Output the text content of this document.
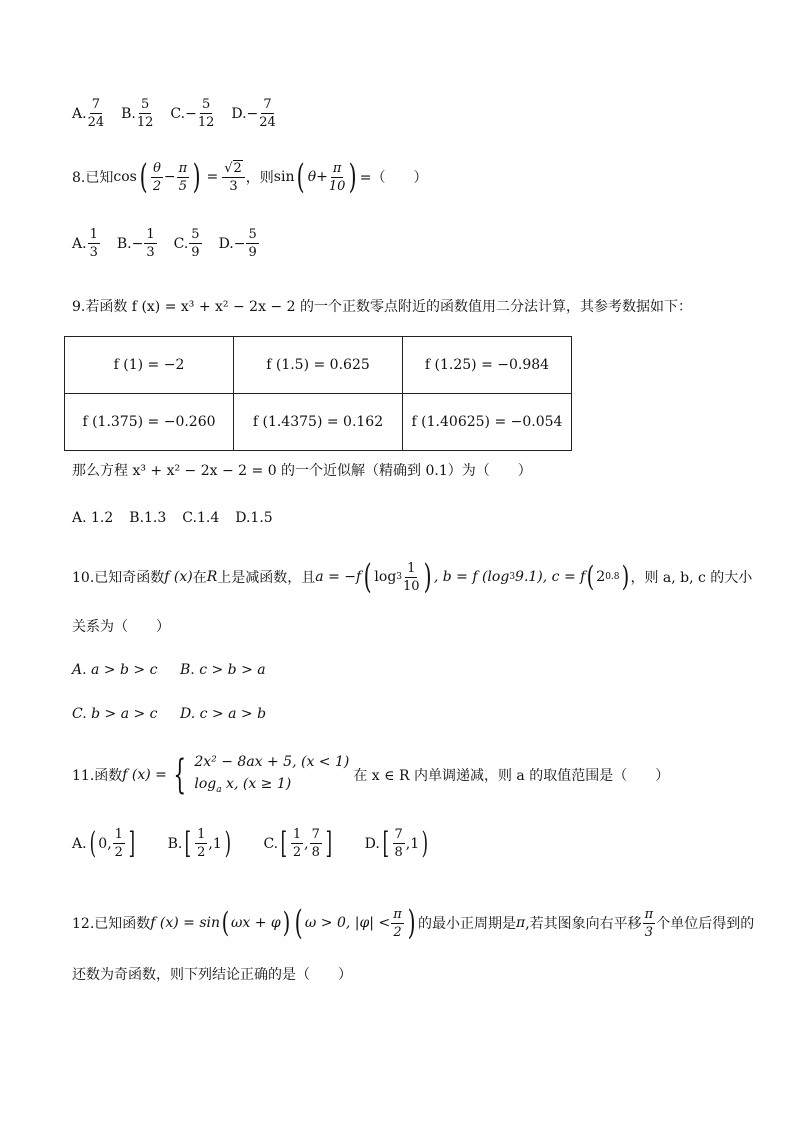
A. $\frac{7}{24} B$. $\frac{5}{12} C$. − $\frac{5}{12} D$. − $\frac{7}{24}$
8.已知 cos ( $\frac{\theta}{2} - \frac{\pi}{5}$ ) = $\frac{√2}{3}$ ，则 sin ( $\theta + \frac{\pi}{10}$ ) =（　　）
A. $\frac{1}{3} B$. − $\frac{1}{3} C$. $\frac{5}{9} D$. − $\frac{5}{9}$
9.若函数 f (x) = x³ + x² − 2x − 2 的一个正数零点附近的函数值用二分法计算，其参考数据如下：
f (1) = −2	f (1.5) = 0.625	f (1.25) = −0.984
f (1.375) = −0.260	f (1.4375) = 0.162	f (1.40625) = −0.054
那么方程 x³ + x² − 2x − 2 = 0 的一个近似解（精确到 0.1）为（　　）
A. 1.2 B.1.3 C.1.4 D.1.5
10.已知奇函数 f (x) 在 R 上是减函数，且 a = −f ( $\log 3 \frac{1}{10}$ ) , b = f (log 3 9.1), c = f ( 2 0.8 ) ，则 a, b, c 的大小
关系为（　　）
A. a > b > c	B. c > b > a
C. b > a > c	D. c > a > b
11.函数 f (x) = { 2x² − 8ax + 5, (x < 1)
$\log_a x$, (x ≥ 1)	在 x ∈ R 内单调递减，则 a 的取值范围是（　　）
A. ( 0, $\frac{1}{2}$ ] B. [ $\frac{1}{2} ,1$ ) C. [ $\frac{1}{2}$ , $\frac{7}{8}$ ] D. [ $\frac{7}{8} ,1$ )
12.已知函数 f (x) = sin ( ωx + φ ) ( ω > 0, $|\varphi| < \frac{\pi}{2}$ ) 的最小正周期是 π ,若其图象向右平移 $\frac{\pi}{3}$ 个单位后得到的
还数为奇函数，则下列结论正确的是（　　）
